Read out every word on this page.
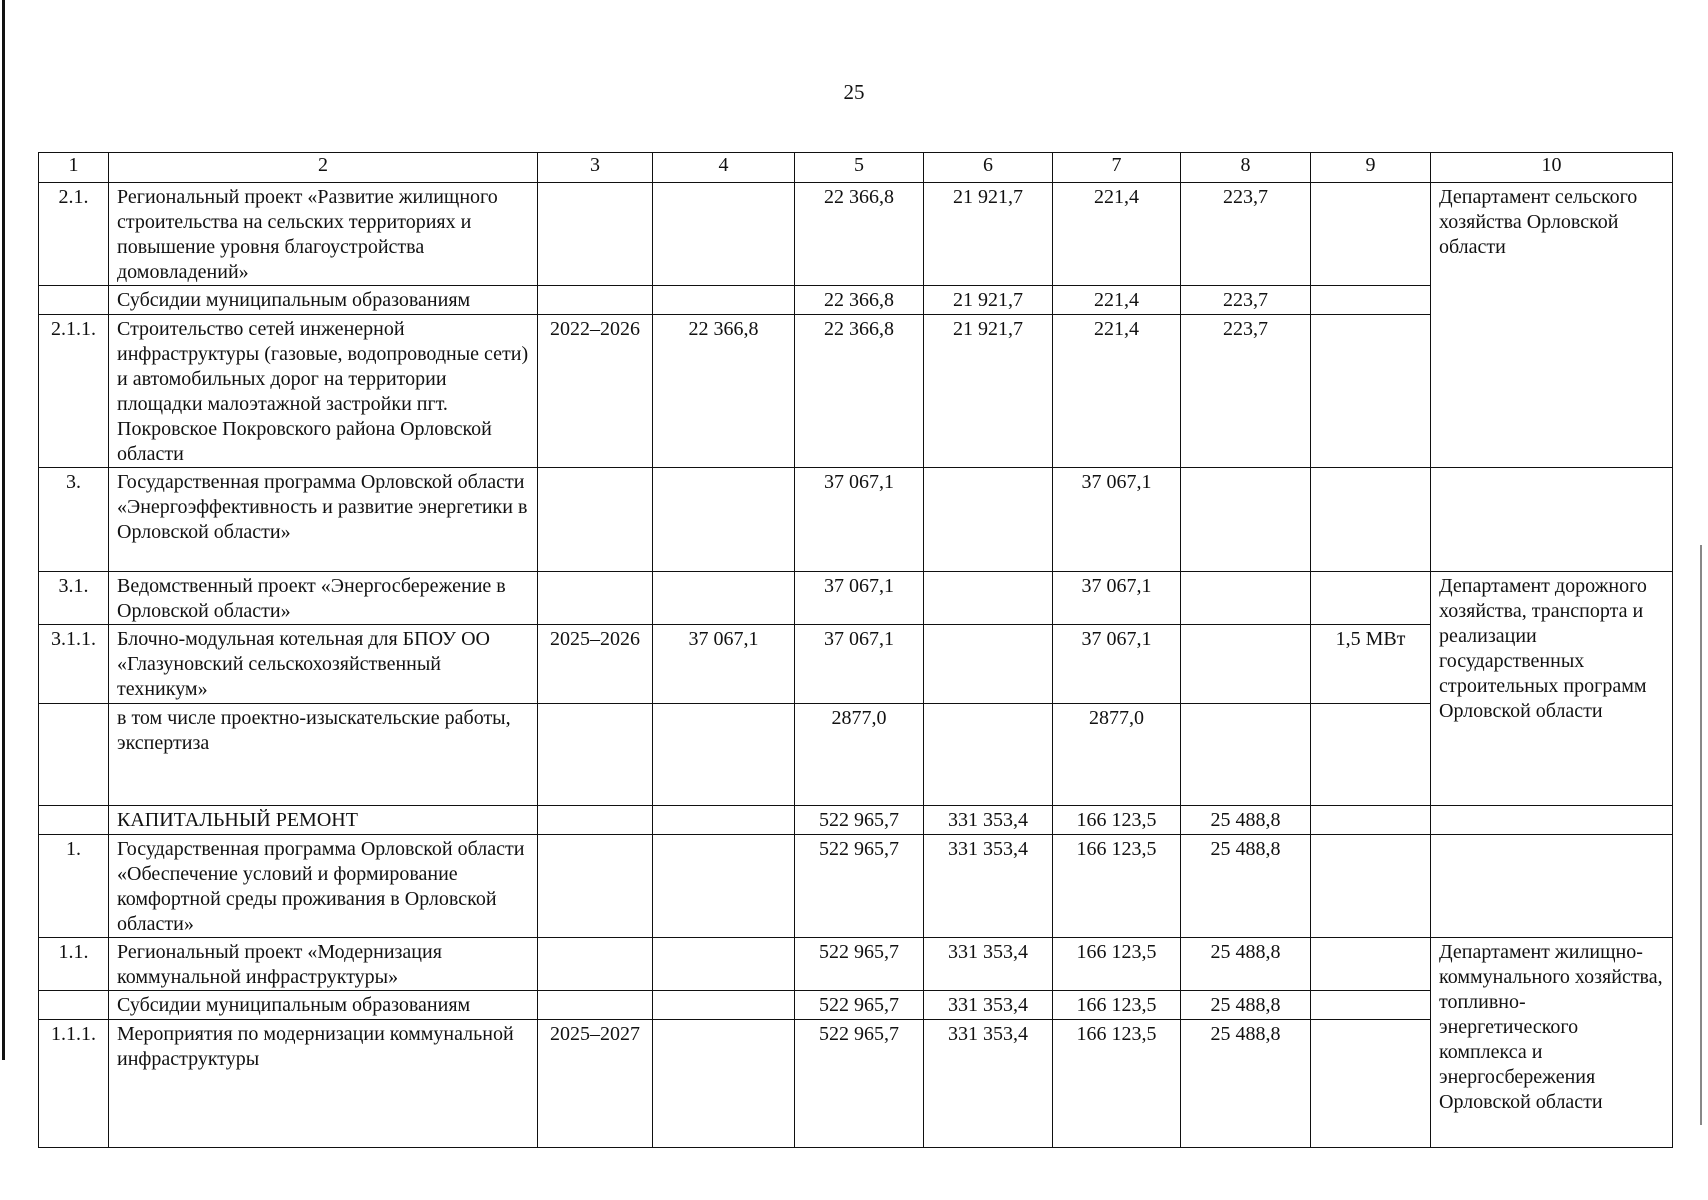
25
1	2	3	4	5	6	7	8	9	10
2.1.	Региональный проект «Развитие жилищного строительства на сельских территориях и повышение уровня благоустройства домовладений»			22 366,8	21 921,7	221,4	223,7		Департамент сельского хозяйства Орловской области
	Субсидии муниципальным образованиям			22 366,8	21 921,7	221,4	223,7		
2.1.1.	Строительство сетей инженерной инфраструктуры (газовые, водопроводные сети) и автомобильных дорог на территории площадки малоэтажной застройки пгт. Покровское Покровского района Орловской области	2022–2026	22 366,8	22 366,8	21 921,7	221,4	223,7		
3.	Государственная программа Орловской области «Энергоэффективность и развитие энергетики в Орловской области»			37 067,1		37 067,1			
3.1.	Ведомственный проект «Энергосбережение в Орловской области»			37 067,1		37 067,1			Департамент дорожного хозяйства, транспорта и реализации государственных строительных программ Орловской области
3.1.1.	Блочно-модульная котельная для БПОУ ОО «Глазуновский сельскохозяйственный техникум»	2025–2026	37 067,1	37 067,1		37 067,1		1,5 МВт	
	в том числе проектно-изыскательские работы, экспертиза			2877,0		2877,0			
	КАПИТАЛЬНЫЙ РЕМОНТ			522 965,7	331 353,4	166 123,5	25 488,8		
1.	Государственная программа Орловской области «Обеспечение условий и формирование комфортной среды проживания в Орловской области»			522 965,7	331 353,4	166 123,5	25 488,8		
1.1.	Региональный проект «Модернизация коммунальной инфраструктуры»			522 965,7	331 353,4	166 123,5	25 488,8		Департамент жилищно-коммунального хозяйства, топливно-энергетического комплекса и энергосбережения Орловской области
	Субсидии муниципальным образованиям			522 965,7	331 353,4	166 123,5	25 488,8		
1.1.1.	Мероприятия по модернизации коммунальной инфраструктуры	2025–2027		522 965,7	331 353,4	166 123,5	25 488,8		
